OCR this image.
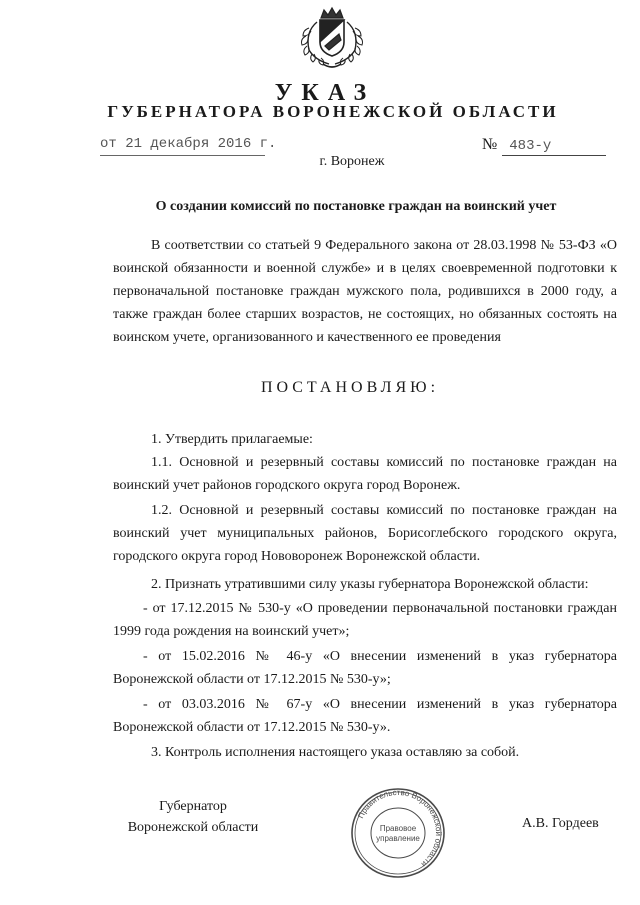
УКАЗ
ГУБЕРНАТОРА ВОРОНЕЖСКОЙ ОБЛАСТИ
от 21 декабря 2016 г.	№ 483-у
г. Воронеж
О создании комиссий по постановке граждан на воинский учет
В соответствии со статьей 9 Федерального закона от 28.03.1998 № 53-ФЗ «О воинской обязанности и военной службе» и в целях своевременной подготовки к первоначальной постановке граждан мужского пола, родившихся в 2000 году, а также граждан более старших возрастов, не состоящих, но обязанных состоять на воинском учете, организованного и качественного ее проведения
ПОСТАНОВЛЯЮ:
1. Утвердить прилагаемые:
1.1. Основной и резервный составы комиссий по постановке граждан на воинский учет районов городского округа город Воронеж.
1.2. Основной и резервный составы комиссий по постановке граждан на воинский учет муниципальных районов, Борисоглебского городского округа, городского округа город Нововоронеж Воронежской области.
2. Признать утратившими силу указы губернатора Воронежской области:
- от 17.12.2015 № 530-у «О проведении первоначальной постановки граждан 1999 года рождения на воинский учет»;
- от 15.02.2016 № 46-у «О внесении изменений в указ губернатора Воронежской области от 17.12.2015 № 530-у»;
- от 03.03.2016 № 67-у «О внесении изменений в указ губернатора Воронежской области от 17.12.2015 № 530-у».
3. Контроль исполнения настоящего указа оставляю за собой.
Губернатор
Воронежской области
Правительство Воронежской области
Правовое
управление
А.В. Гордеев
